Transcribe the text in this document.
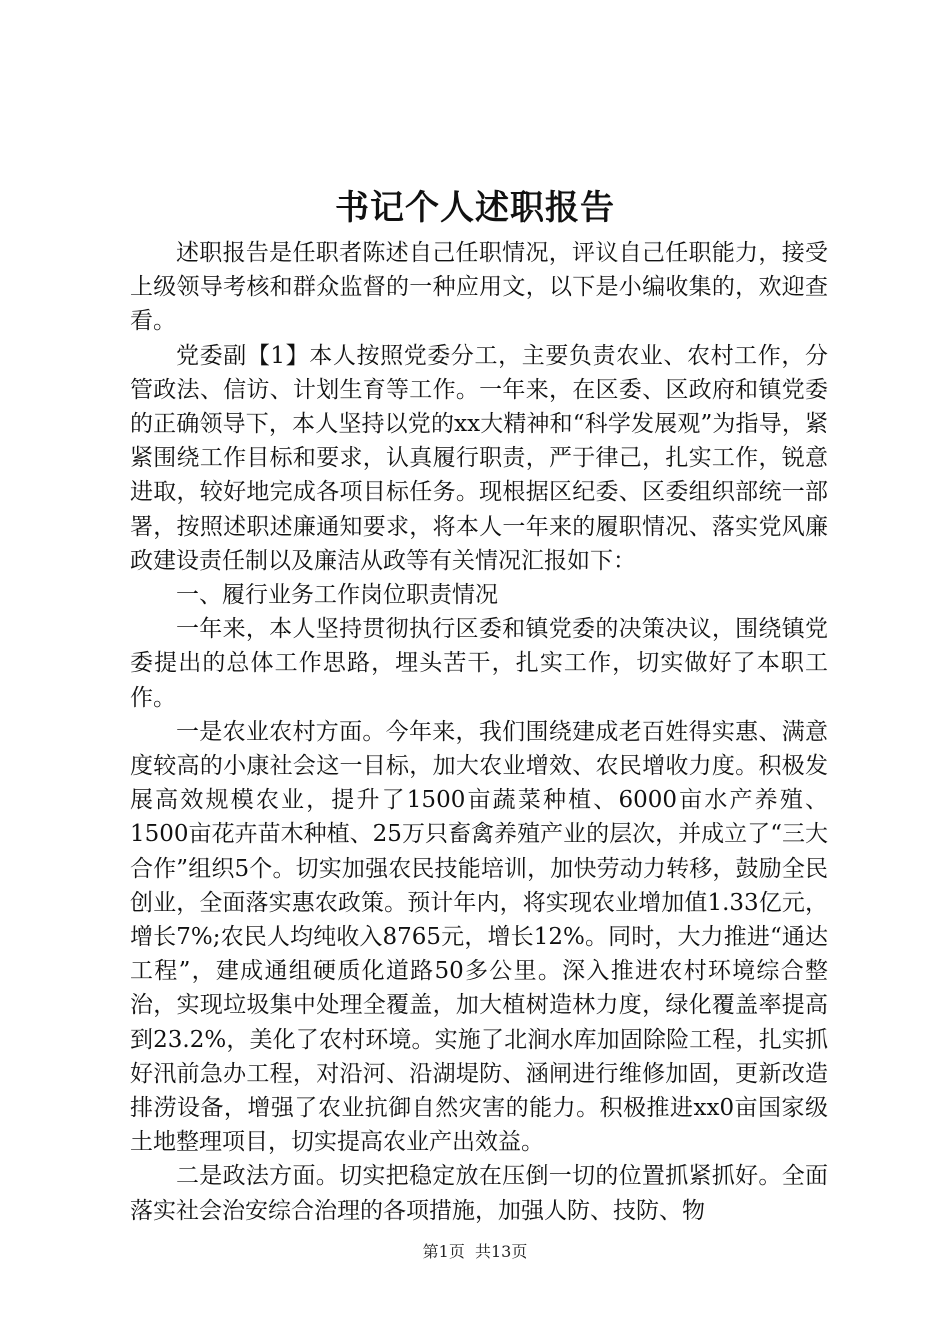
书记个人述职报告

述职报告是任职者陈述自己任职情况，评议自己任职能力，接受上级领导考核和群众监督的一种应用文，以下是小编收集的，欢迎查看。

党委副【1】本人按照党委分工，主要负责农业、农村工作，分管政法、信访、计划生育等工作。一年来，在区委、区政府和镇党委的正确领导下，本人坚持以党的xx大精神和“科学发展观”为指导，紧紧围绕工作目标和要求，认真履行职责，严于律己，扎实工作，锐意进取，较好地完成各项目标任务。现根据区纪委、区委组织部统一部署，按照述职述廉通知要求，将本人一年来的履职情况、落实党风廉政建设责任制以及廉洁从政等有关情况汇报如下：

一、履行业务工作岗位职责情况

一年来，本人坚持贯彻执行区委和镇党委的决策决议，围绕镇党委提出的总体工作思路，埋头苦干，扎实工作，切实做好了本职工作。

一是农业农村方面。今年来，我们围绕建成老百姓得实惠、满意度较高的小康社会这一目标，加大农业增效、农民增收力度。积极发展高效规模农业，提升了1500亩蔬菜种植、6000亩水产养殖、1500亩花卉苗木种植、25万只畜禽养殖产业的层次，并成立了“三大合作”组织5个。切实加强农民技能培训，加快劳动力转移，鼓励全民创业，全面落实惠农政策。预计年内，将实现农业增加值1.33亿元，增长7%;农民人均纯收入8765元，增长12%。同时，大力推进“通达工程”，建成通组硬质化道路50多公里。深入推进农村环境综合整治，实现垃圾集中处理全覆盖，加大植树造林力度，绿化覆盖率提高到23.2%，美化了农村环境。实施了北涧水库加固除险工程，扎实抓好汛前急办工程，对沿河、沿湖堤防、涵闸进行维修加固，更新改造排涝设备，增强了农业抗御自然灾害的能力。积极推进xx0亩国家级土地整理项目，切实提高农业产出效益。

二是政法方面。切实把稳定放在压倒一切的位置抓紧抓好。全面落实社会治安综合治理的各项措施，加强人防、技防、物

第1页  共13页
